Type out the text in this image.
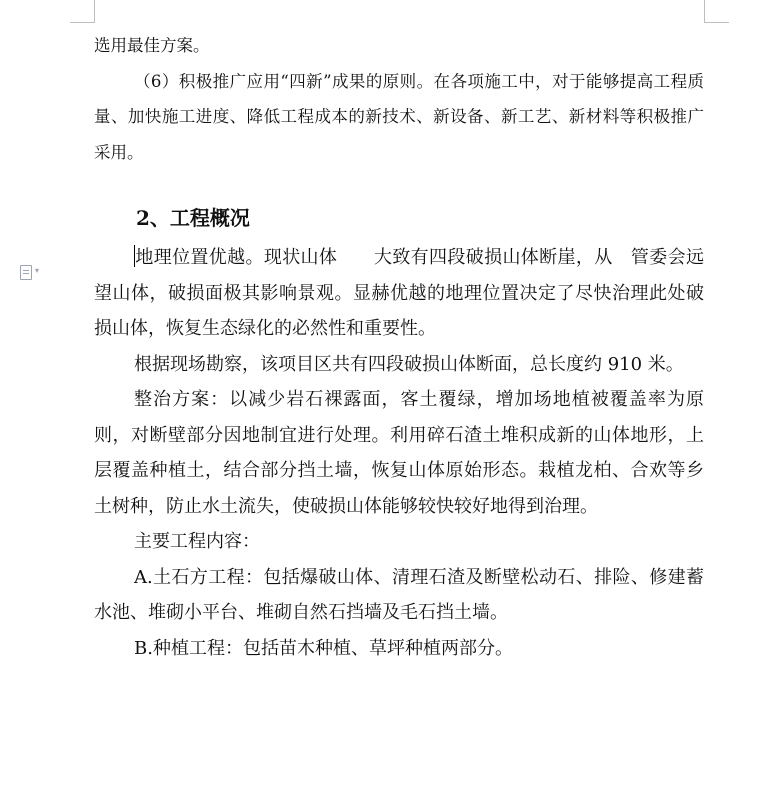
▾

选用最佳方案。

（6）积极推广应用“四新”成果的原则。在各项施工中，对于能够提高工程质量、加快施工进度、降低工程成本的新技术、新设备、新工艺、新材料等积极推广采用。

2、工程概况

地理位置优越。现状山体　　大致有四段破损山体断崖，从　管委会远望山体，破损面极其影响景观。显赫优越的地理位置决定了尽快治理此处破损山体，恢复生态绿化的必然性和重要性。

根据现场勘察，该项目区共有四段破损山体断面，总长度约 910 米。

整治方案：以减少岩石裸露面，客土覆绿，增加场地植被覆盖率为原则，对断壁部分因地制宜进行处理。利用碎石渣土堆积成新的山体地形，上层覆盖种植土，结合部分挡土墙，恢复山体原始形态。栽植龙柏、合欢等乡土树种，防止水土流失，使破损山体能够较快较好地得到治理。

主要工程内容：

A.土石方工程：包括爆破山体、清理石渣及断壁松动石、排险、修建蓄水池、堆砌小平台、堆砌自然石挡墙及毛石挡土墙。

B.种植工程：包括苗木种植、草坪种植两部分。
